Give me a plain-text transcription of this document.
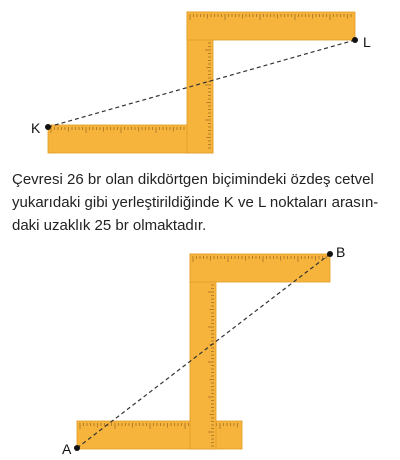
K
L

Çevresi 26 br olan dikdörtgen biçimindeki özdeş cetvel
yukarıdaki gibi yerleştirildiğinde K ve L noktaları arasın-
daki uzaklık 25 br olmaktadır.

A
B
